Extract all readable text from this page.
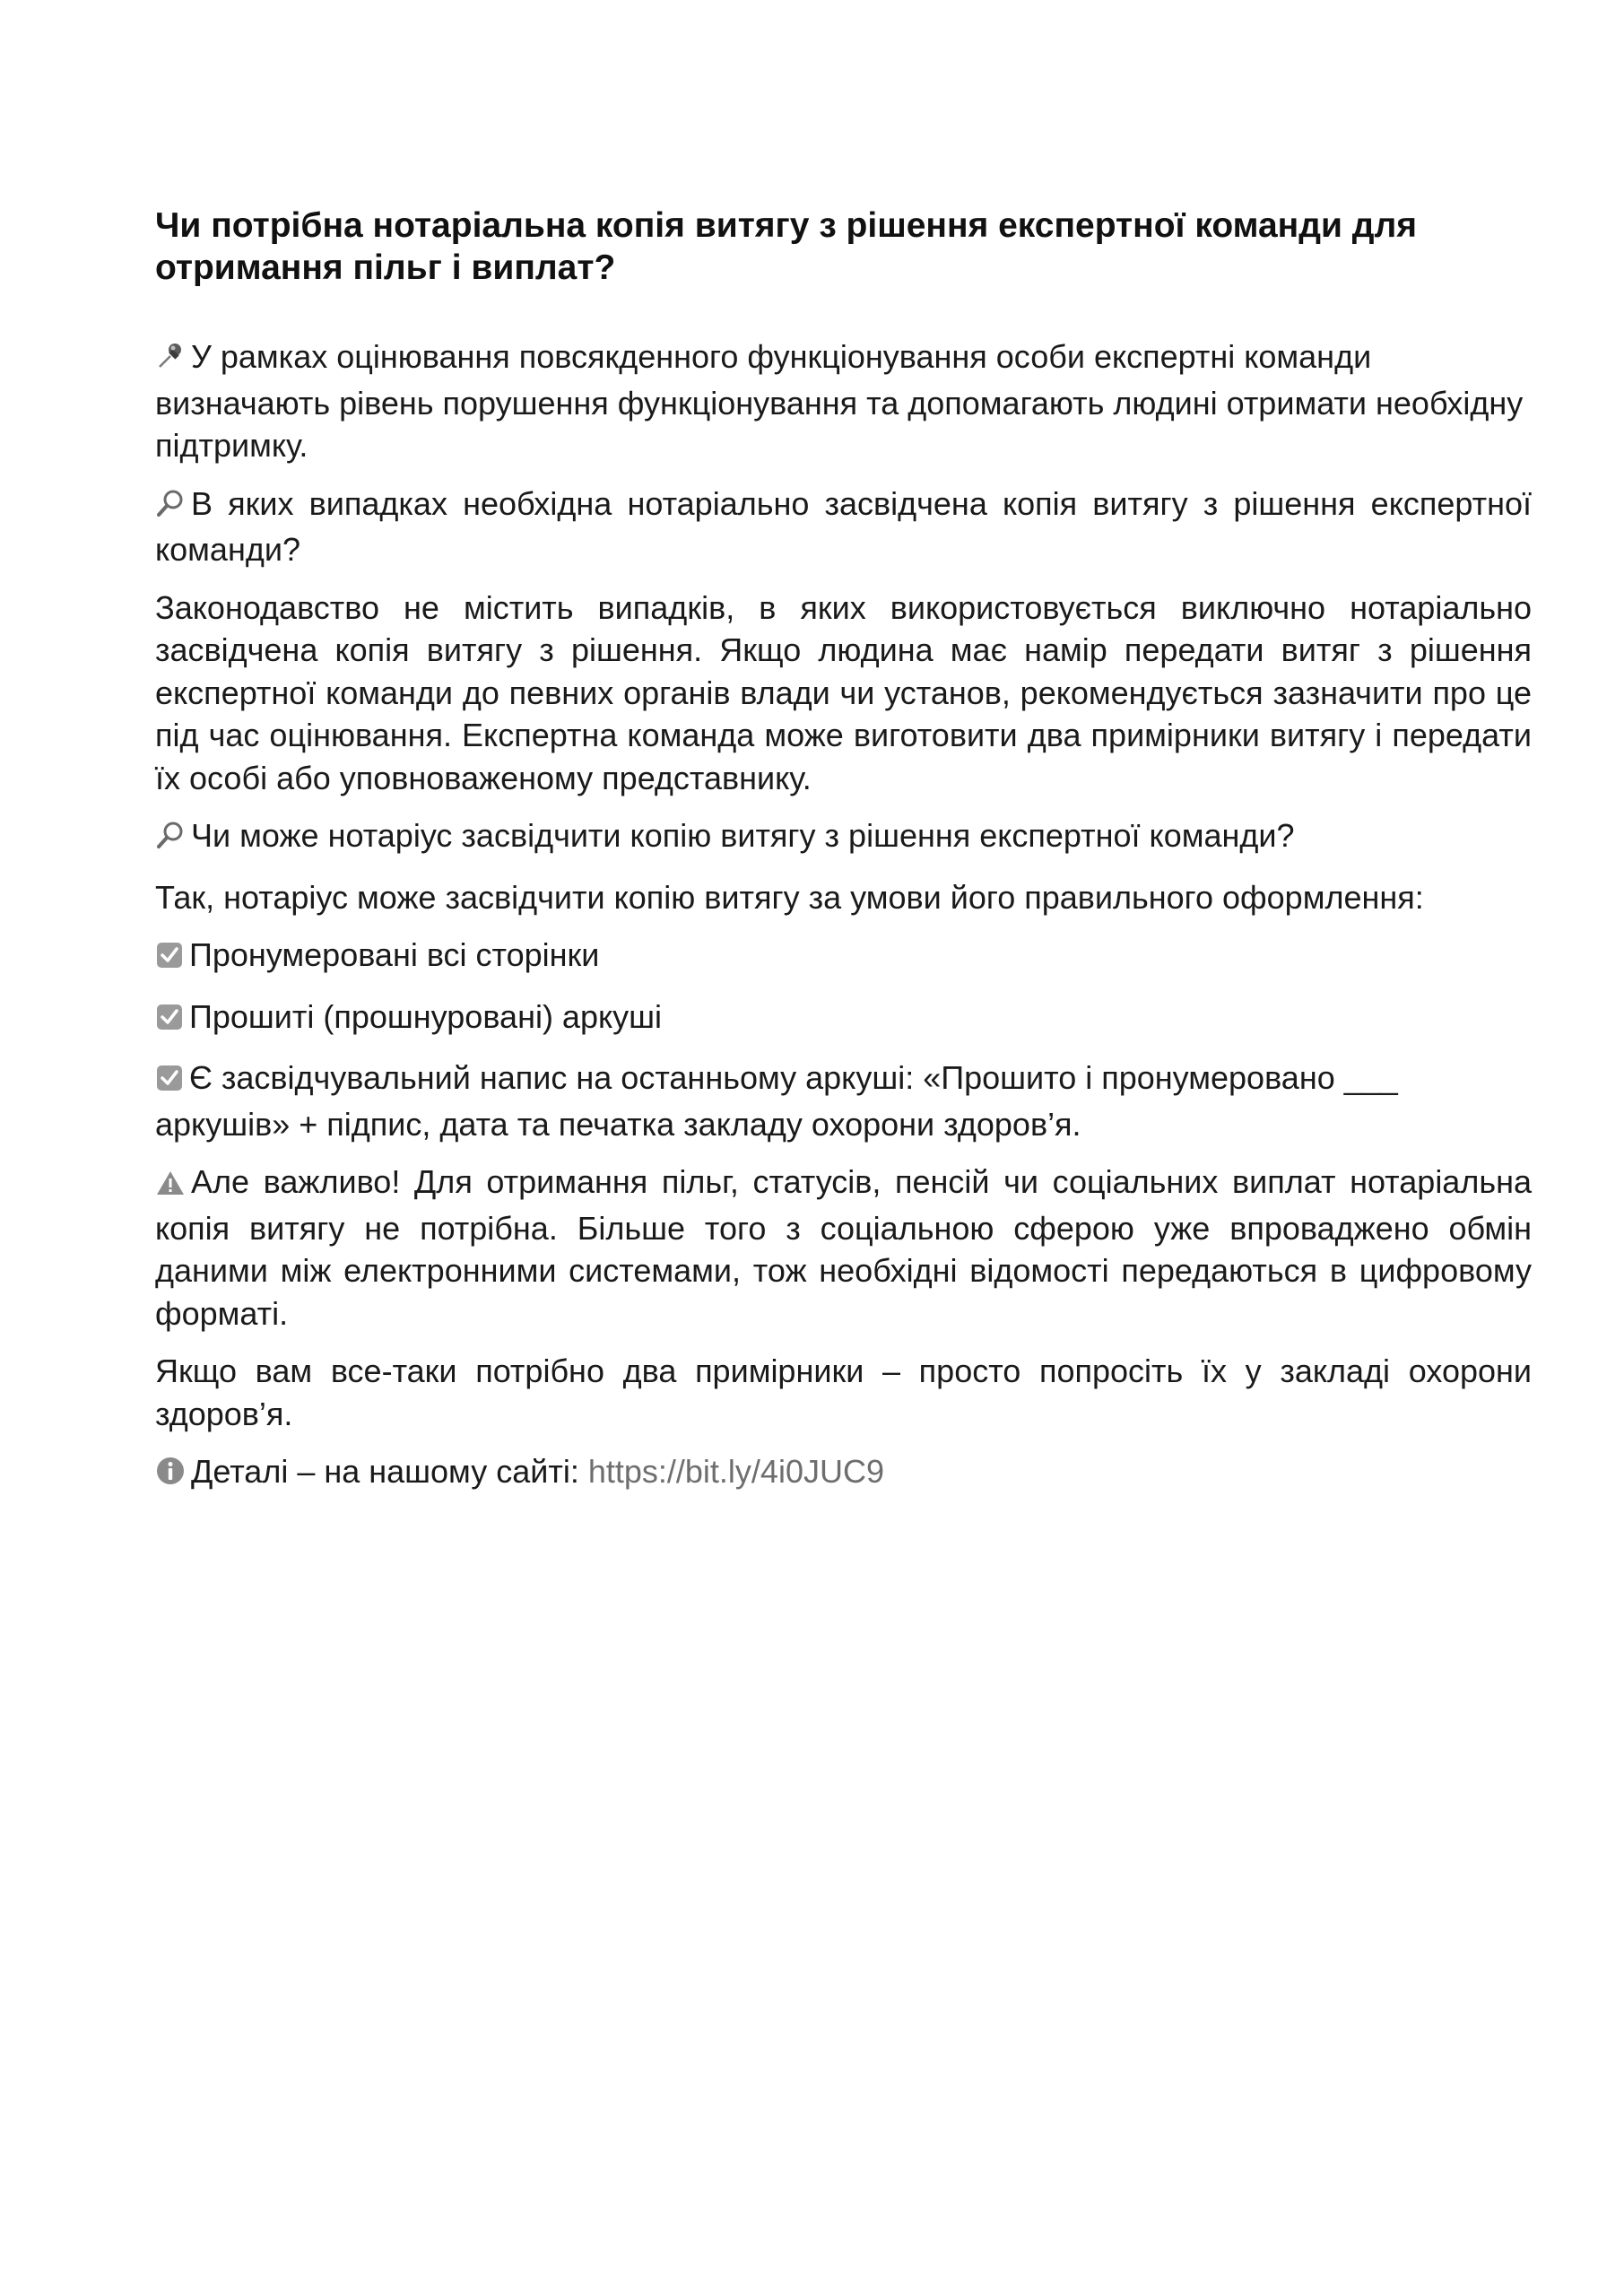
Чи потрібна нотаріальна копія витягу з рішення експертної команди для отримання пільг і виплат?

У рамках оцінювання повсякденного функціонування особи експертні команди визначають рівень порушення функціонування та допомагають людині отримати необхідну підтримку.

В яких випадках необхідна нотаріально засвідчена копія витягу з рішення експертної команди?

Законодавство не містить випадків, в яких використовується виключно нотаріально засвідчена копія витягу з рішення. Якщо людина має намір передати витяг з рішення експертної команди до певних органів влади чи установ, рекомендується зазначити про це під час оцінювання. Експертна команда може виготовити два примірники витягу і передати їх особі або уповноваженому представнику.

Чи може нотаріус засвідчити копію витягу з рішення експертної команди?

Так, нотаріус може засвідчити копію витягу за умови його правильного оформлення:

Пронумеровані всі сторінки

Прошиті (прошнуровані) аркуші

Є засвідчувальний напис на останньому аркуші: «Прошито і пронумеровано ___ аркушів» + підпис, дата та печатка закладу охорони здоров’я.

Але важливо! Для отримання пільг, статусів, пенсій чи соціальних виплат нотаріальна копія витягу не потрібна. Більше того з соціальною сферою уже впроваджено обмін даними між електронними системами, тож необхідні відомості передаються в цифровому форматі.

Якщо вам все-таки потрібно два примірники – просто попросіть їх у закладі охорони здоров’я.

Деталі – на нашому сайті: https://bit.ly/4i0JUC9
